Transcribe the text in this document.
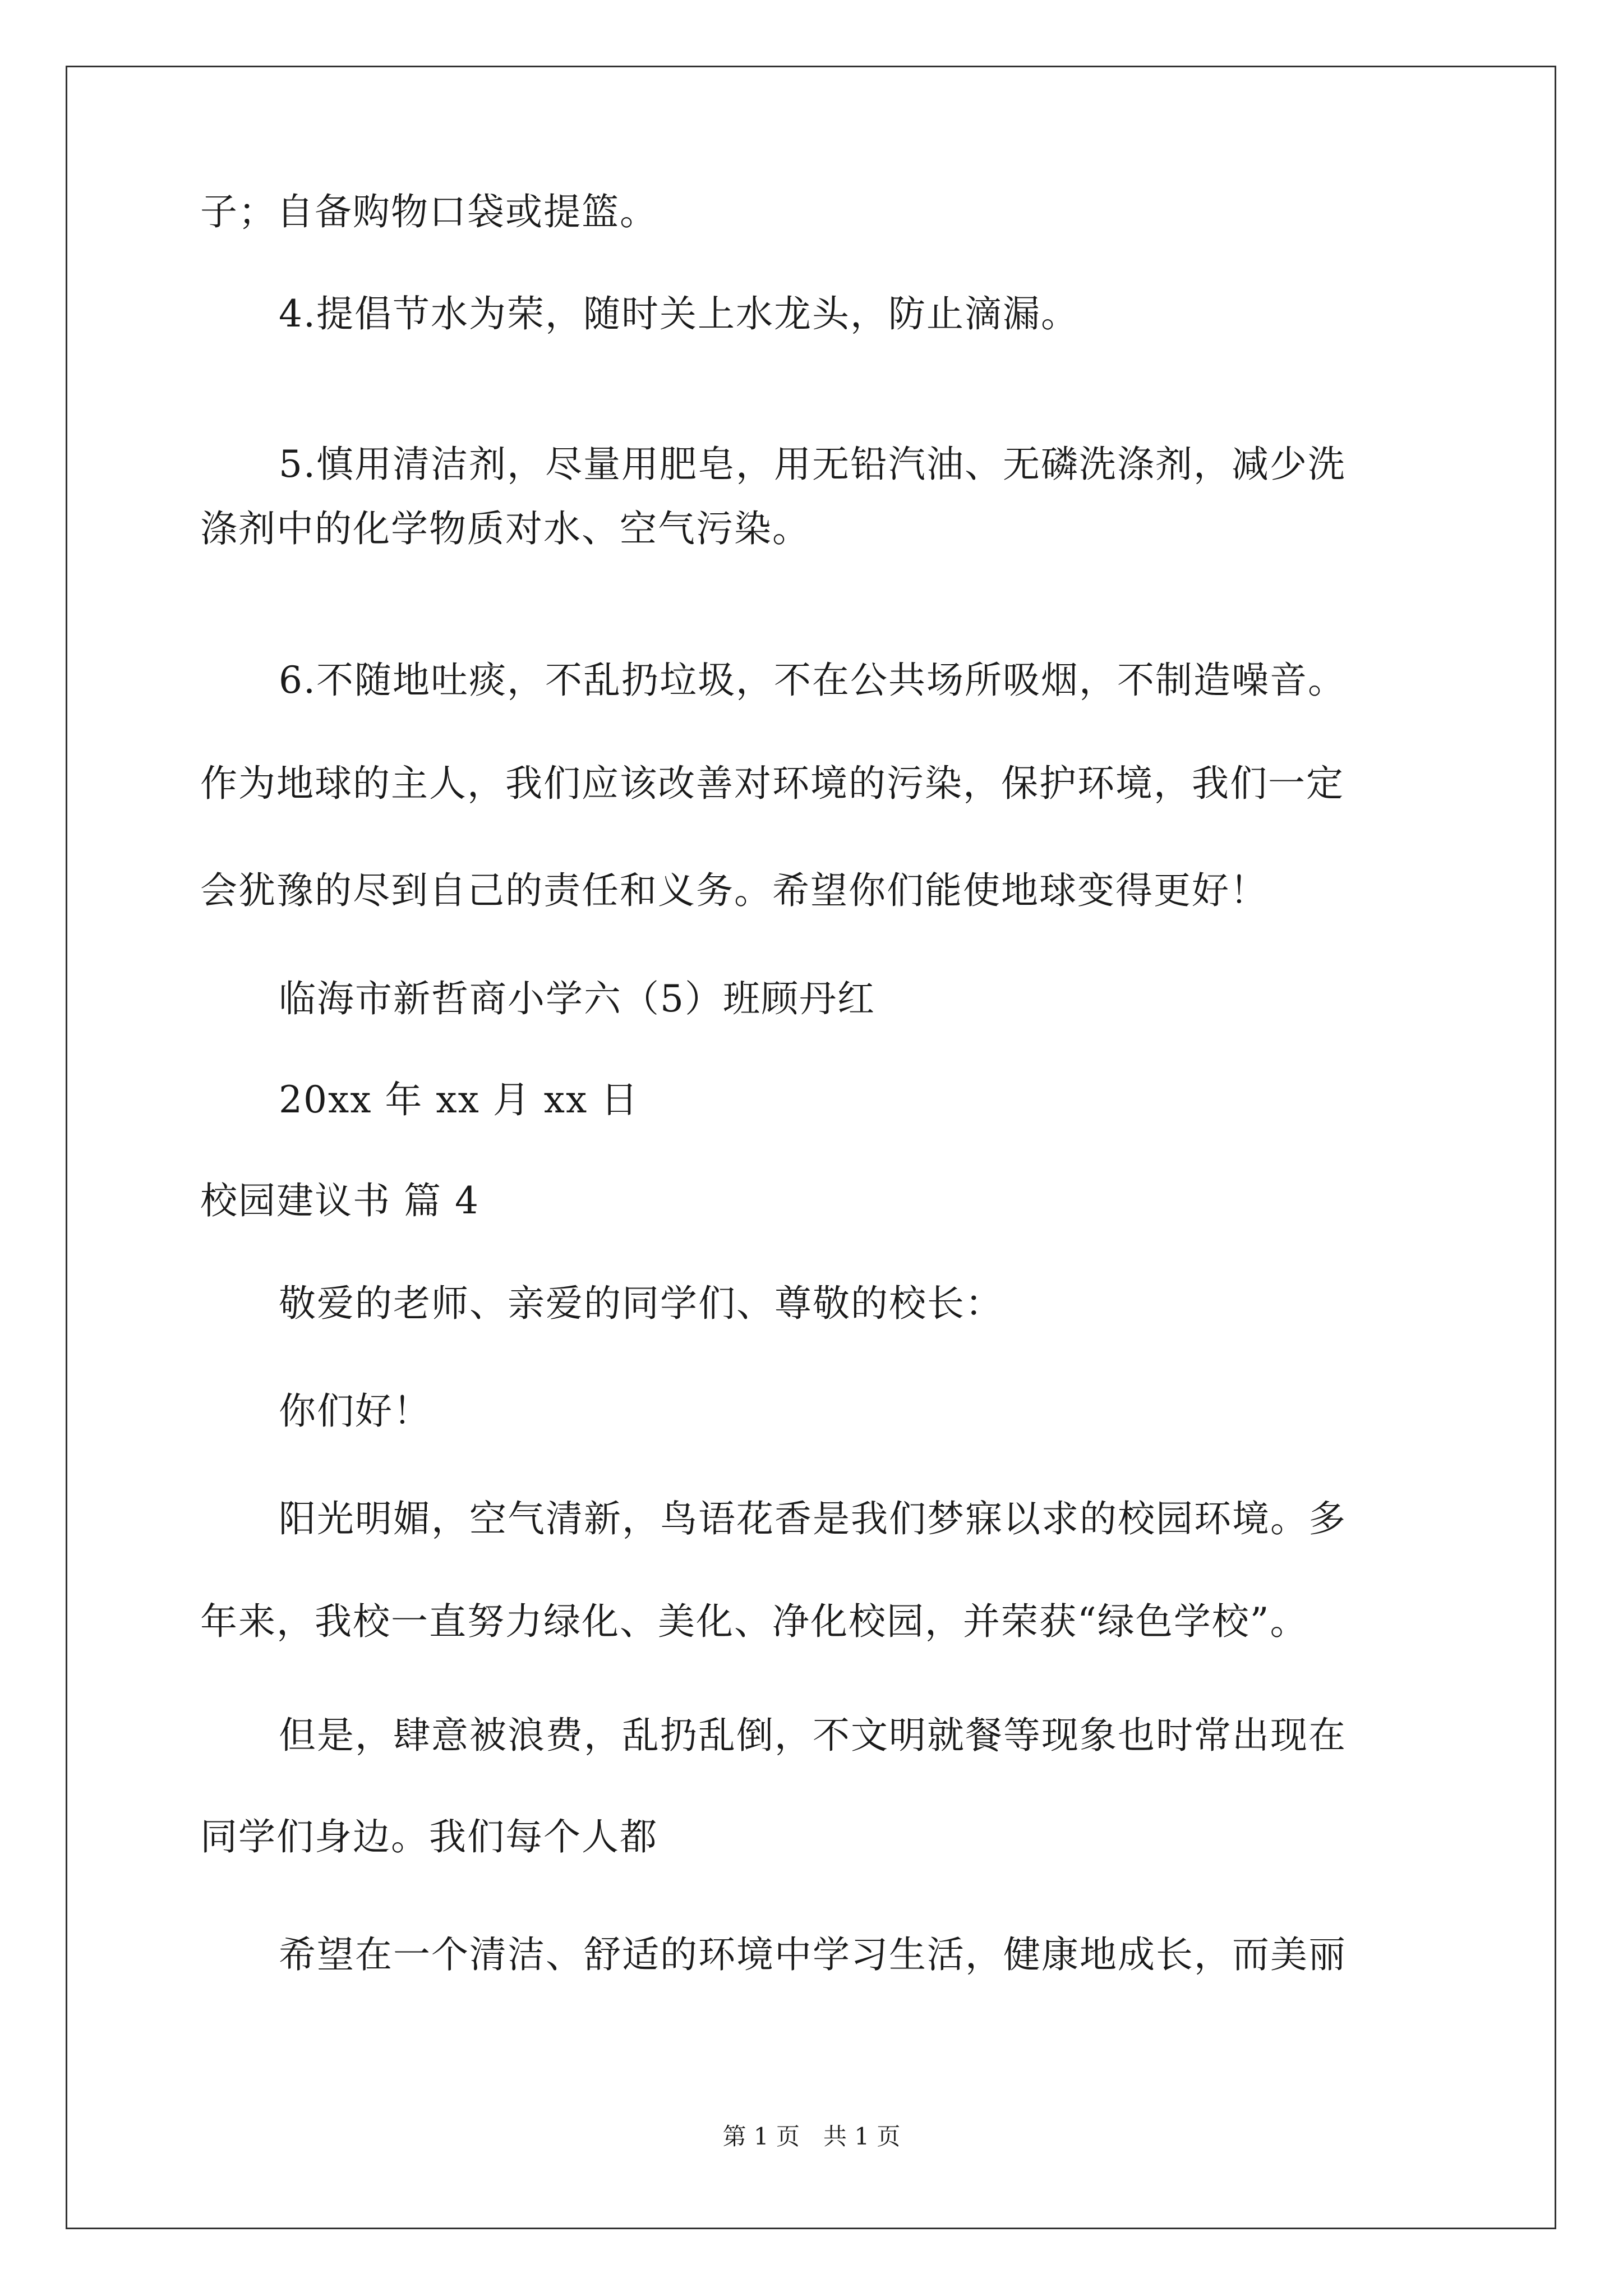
子；自备购物口袋或提篮。
4.提倡节水为荣，随时关上水龙头，防止滴漏。
5.慎用清洁剂，尽量用肥皂，用无铅汽油、无磷洗涤剂，减少洗
涤剂中的化学物质对水、空气污染。
6.不随地吐痰，不乱扔垃圾，不在公共场所吸烟，不制造噪音。
作为地球的主人，我们应该改善对环境的污染，保护环境，我们一定
会犹豫的尽到自己的责任和义务。希望你们能使地球变得更好！
临海市新哲商小学六（5）班顾丹红
20xx 年 xx 月 xx 日
校园建议书 篇 4
敬爱的老师、亲爱的同学们、尊敬的校长：
你们好！
阳光明媚，空气清新，鸟语花香是我们梦寐以求的校园环境。多
年来，我校一直努力绿化、美化、净化校园，并荣获“绿色学校”。
但是，肆意被浪费，乱扔乱倒，不文明就餐等现象也时常出现在
同学们身边。我们每个人都
希望在一个清洁、舒适的环境中学习生活，健康地成长，而美丽
第 1 页　共 1 页
